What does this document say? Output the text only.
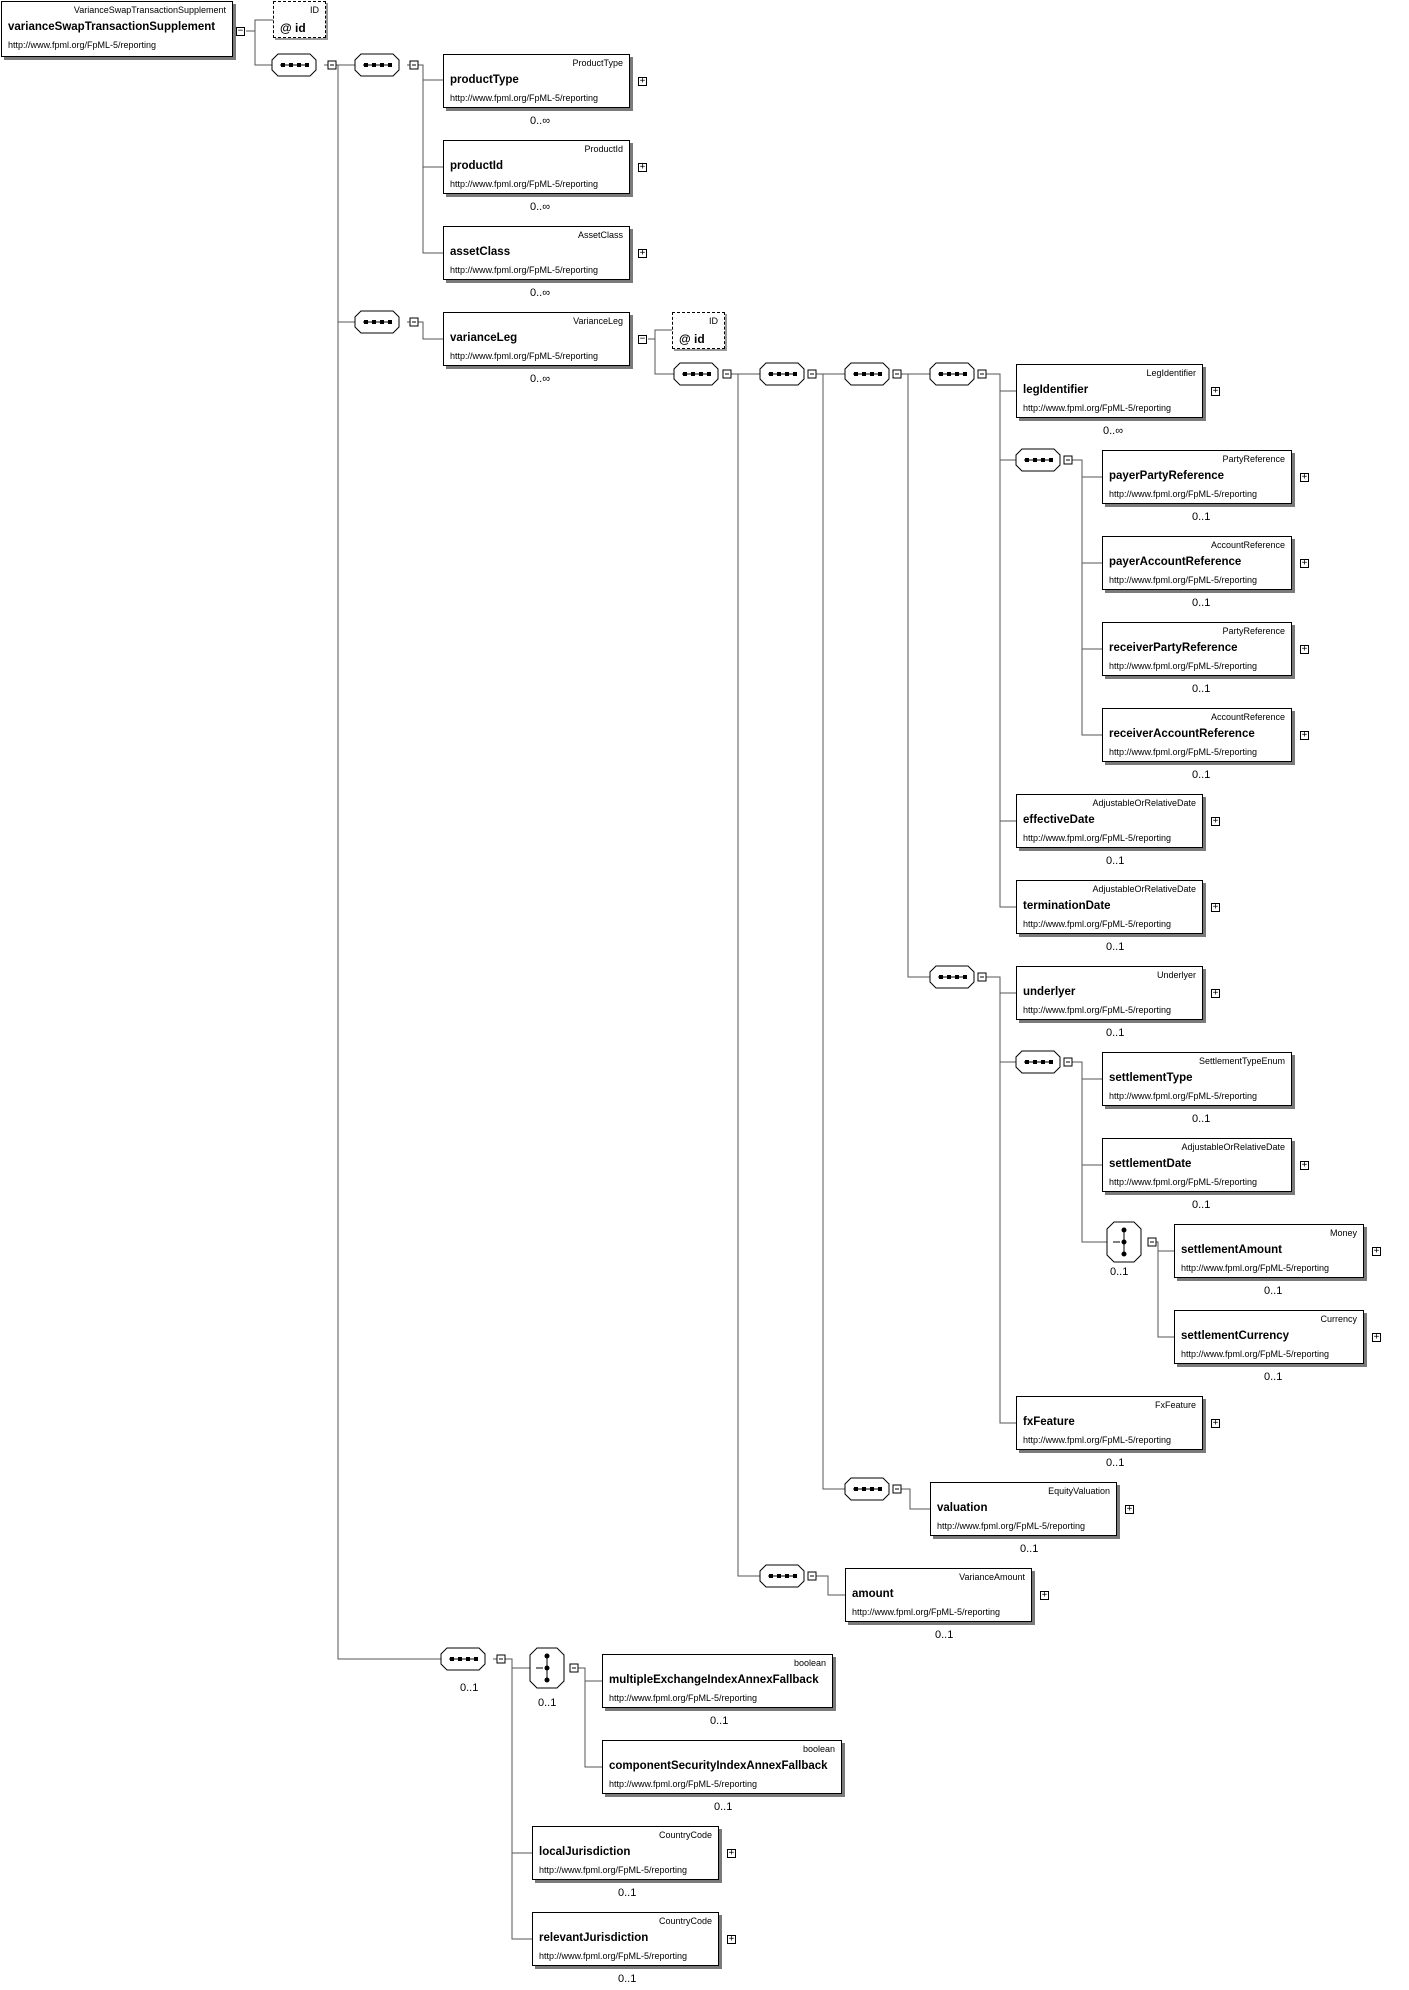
VarianceSwapTransactionSupplement
varianceSwapTransactionSupplement
http://www.fpml.org/FpML-5/reporting
−
ID
@ id
ID
@ id
ProductType
productType
http://www.fpml.org/FpML-5/reporting
ProductId
productId
http://www.fpml.org/FpML-5/reporting
AssetClass
assetClass
http://www.fpml.org/FpML-5/reporting
VarianceLeg
varianceLeg
http://www.fpml.org/FpML-5/reporting
LegIdentifier
legIdentifier
http://www.fpml.org/FpML-5/reporting
PartyReference
payerPartyReference
http://www.fpml.org/FpML-5/reporting
AccountReference
payerAccountReference
http://www.fpml.org/FpML-5/reporting
PartyReference
receiverPartyReference
http://www.fpml.org/FpML-5/reporting
AccountReference
receiverAccountReference
http://www.fpml.org/FpML-5/reporting
AdjustableOrRelativeDate
effectiveDate
http://www.fpml.org/FpML-5/reporting
AdjustableOrRelativeDate
terminationDate
http://www.fpml.org/FpML-5/reporting
Underlyer
underlyer
http://www.fpml.org/FpML-5/reporting
SettlementTypeEnum
settlementType
http://www.fpml.org/FpML-5/reporting
AdjustableOrRelativeDate
settlementDate
http://www.fpml.org/FpML-5/reporting
Money
settlementAmount
http://www.fpml.org/FpML-5/reporting
Currency
settlementCurrency
http://www.fpml.org/FpML-5/reporting
FxFeature
fxFeature
http://www.fpml.org/FpML-5/reporting
EquityValuation
valuation
http://www.fpml.org/FpML-5/reporting
VarianceAmount
amount
http://www.fpml.org/FpML-5/reporting
boolean
multipleExchangeIndexAnnexFallback
http://www.fpml.org/FpML-5/reporting
boolean
componentSecurityIndexAnnexFallback
http://www.fpml.org/FpML-5/reporting
CountryCode
localJurisdiction
http://www.fpml.org/FpML-5/reporting
CountryCode
relevantJurisdiction
http://www.fpml.org/FpML-5/reporting
+
+
+
−
+
+
+
+
+
+
+
+
+
+
+
+
+
+
+
+
0..∞
0..∞
0..∞
0..∞
0..∞
0..1
0..1
0..1
0..1
0..1
0..1
0..1
0..1
0..1
0..1
0..1
0..1
0..1
0..1
0..1
0..1
0..1
0..1
0..1
0..1
0..1
